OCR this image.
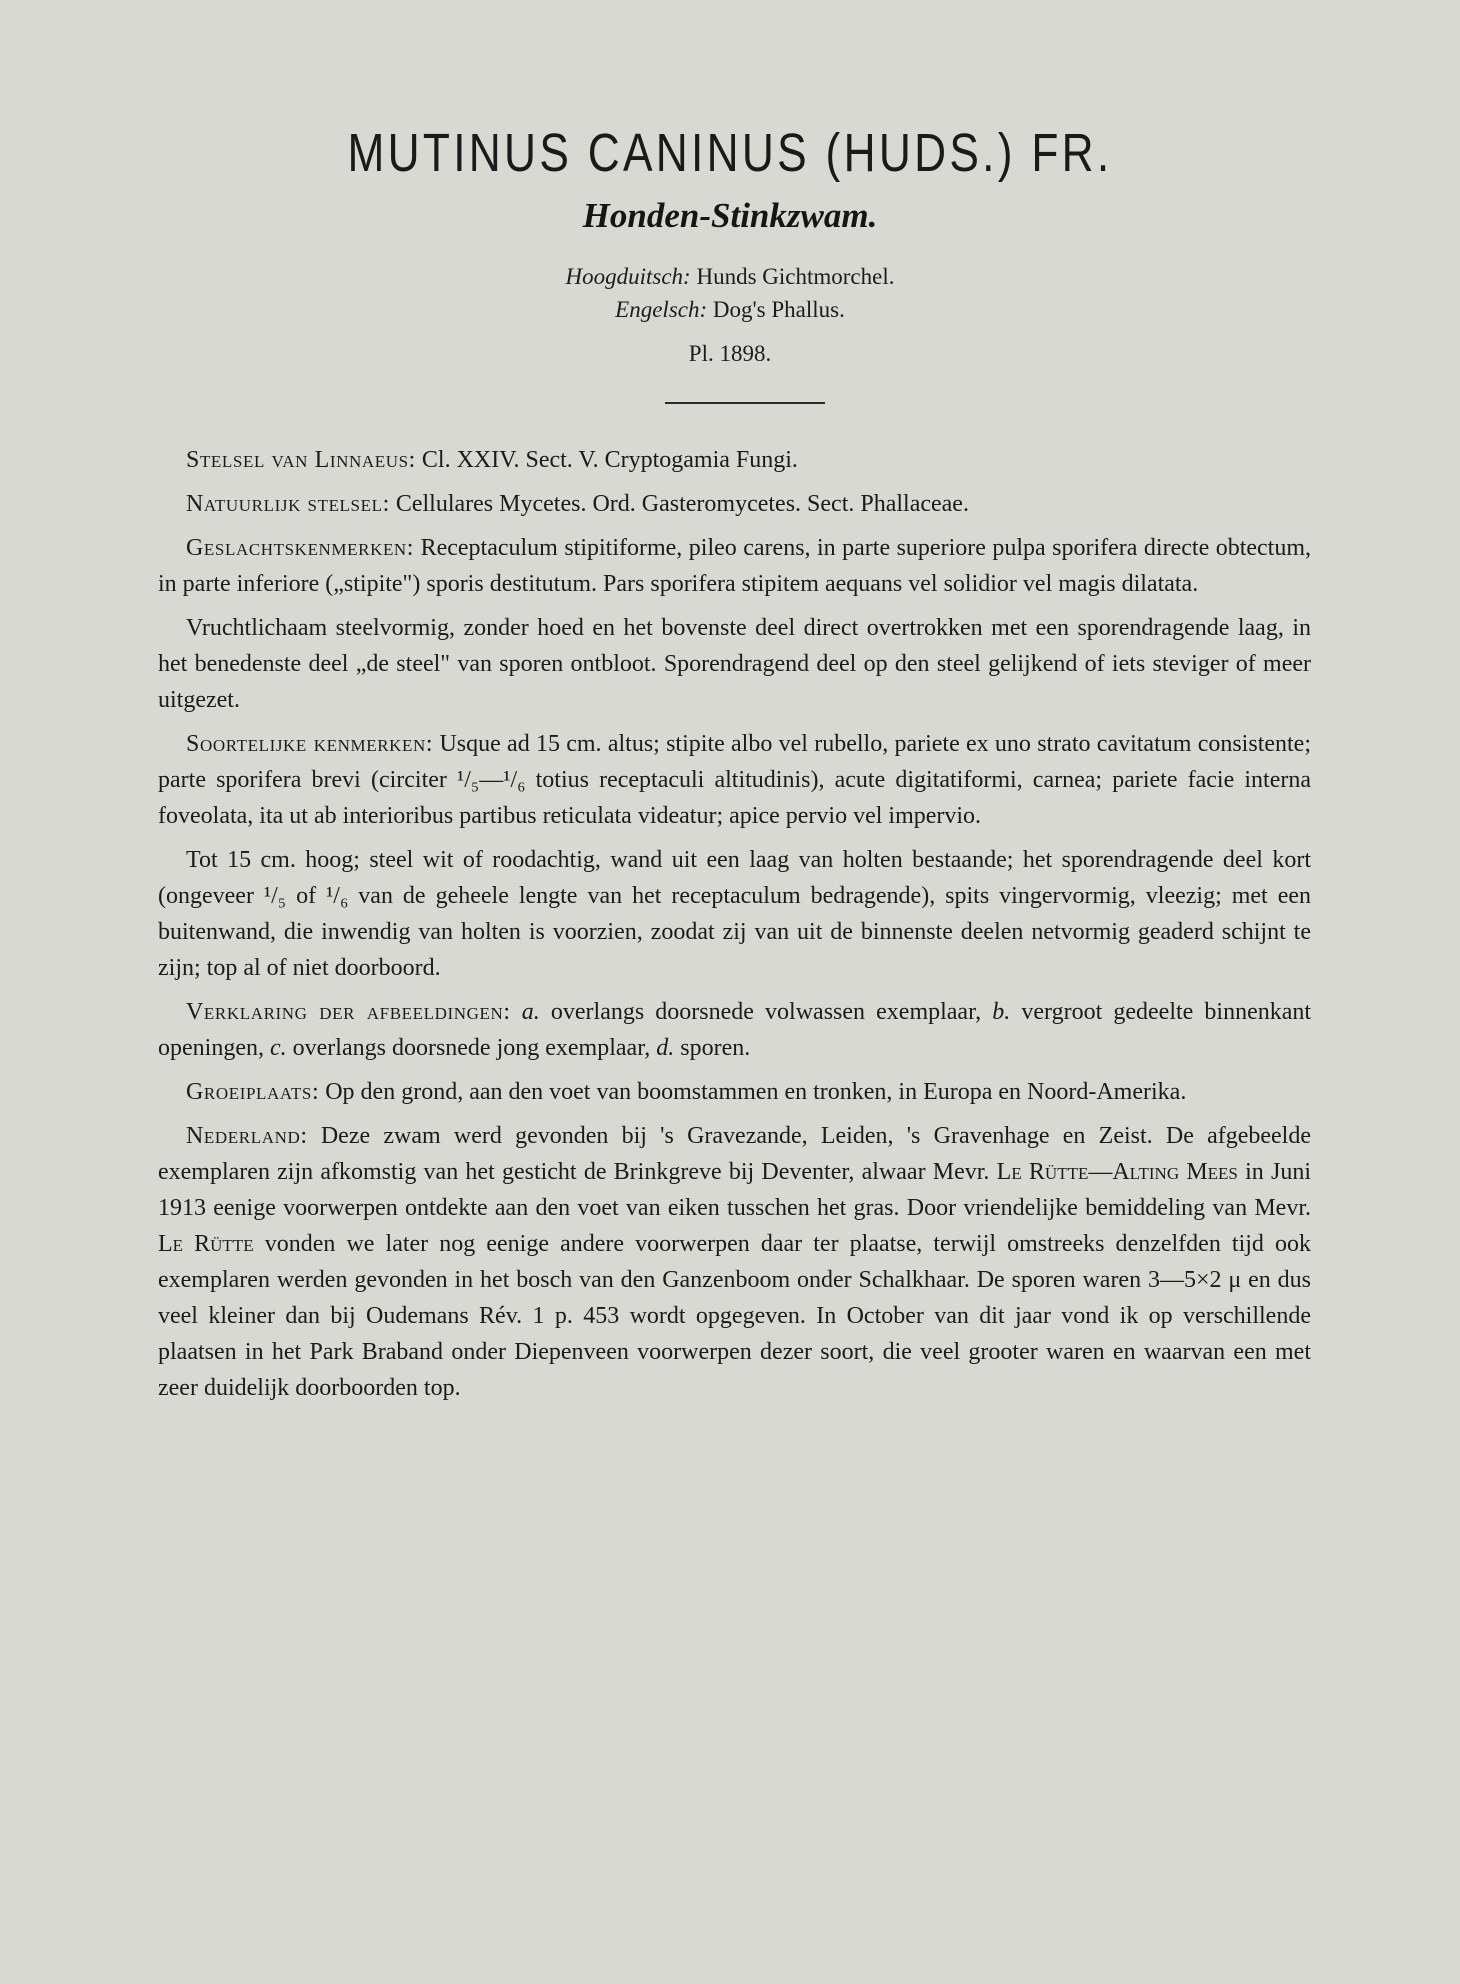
MUTINUS CANINUS (HUDS.) FR.
Honden-Stinkzwam.
Hoogduitsch: Hunds Gichtmorchel.
Engelsch: Dog's Phallus.
Pl. 1898.

Stelsel van Linnaeus: Cl. XXIV. Sect. V. Cryptogamia Fungi.

Natuurlijk stelsel: Cellulares Mycetes. Ord. Gasteromycetes. Sect. Phallaceae.

Geslachtskenmerken: Receptaculum stipitiforme, pileo carens, in parte superiore pulpa sporifera directe obtectum, in parte inferiore („stipite") sporis destitutum. Pars sporifera stipitem aequans vel solidior vel magis dilatata.

Vruchtlichaam steelvormig, zonder hoed en het bovenste deel direct overtrokken met een sporendragende laag, in het benedenste deel „de steel" van sporen ontbloot. Sporendragend deel op den steel gelijkend of iets steviger of meer uitgezet.

Soortelijke kenmerken: Usque ad 15 cm. altus; stipite albo vel rubello, pariete ex uno strato cavitatum consistente; parte sporifera brevi (circiter ¹/₅—¹/₆ totius receptaculi altitudinis), acute digitatiformi, carnea; pariete facie interna foveolata, ita ut ab interioribus partibus reticulata videatur; apice pervio vel impervio.

Tot 15 cm. hoog; steel wit of roodachtig, wand uit een laag van holten bestaande; het sporendragende deel kort (ongeveer ¹/₅ of ¹/₆ van de geheele lengte van het receptaculum bedragende), spits vingervormig, vleezig; met een buitenwand, die inwendig van holten is voorzien, zoodat zij van uit de binnenste deelen netvormig geaderd schijnt te zijn; top al of niet doorboord.

Verklaring der afbeeldingen: a. overlangs doorsnede volwassen exemplaar, b. vergroot gedeelte binnenkant openingen, c. overlangs doorsnede jong exemplaar, d. sporen.

Groeiplaats: Op den grond, aan den voet van boomstammen en tronken, in Europa en Noord-Amerika.

Nederland: Deze zwam werd gevonden bij 's Gravezande, Leiden, 's Gravenhage en Zeist. De afgebeelde exemplaren zijn afkomstig van het gesticht de Brinkgreve bij Deventer, alwaar Mevr. Le Rütte—Alting Mees in Juni 1913 eenige voorwerpen ontdekte aan den voet van eiken tusschen het gras. Door vriendelijke bemiddeling van Mevr. Le Rütte vonden we later nog eenige andere voorwerpen daar ter plaatse, terwijl omstreeks denzelfden tijd ook exemplaren werden gevonden in het bosch van den Ganzenboom onder Schalkhaar. De sporen waren 3—5×2 μ en dus veel kleiner dan bij Oudemans Rév. 1 p. 453 wordt opgegeven. In October van dit jaar vond ik op verschillende plaatsen in het Park Braband onder Diepenveen voorwerpen dezer soort, die veel grooter waren en waarvan een met zeer duidelijk doorboorden top.
